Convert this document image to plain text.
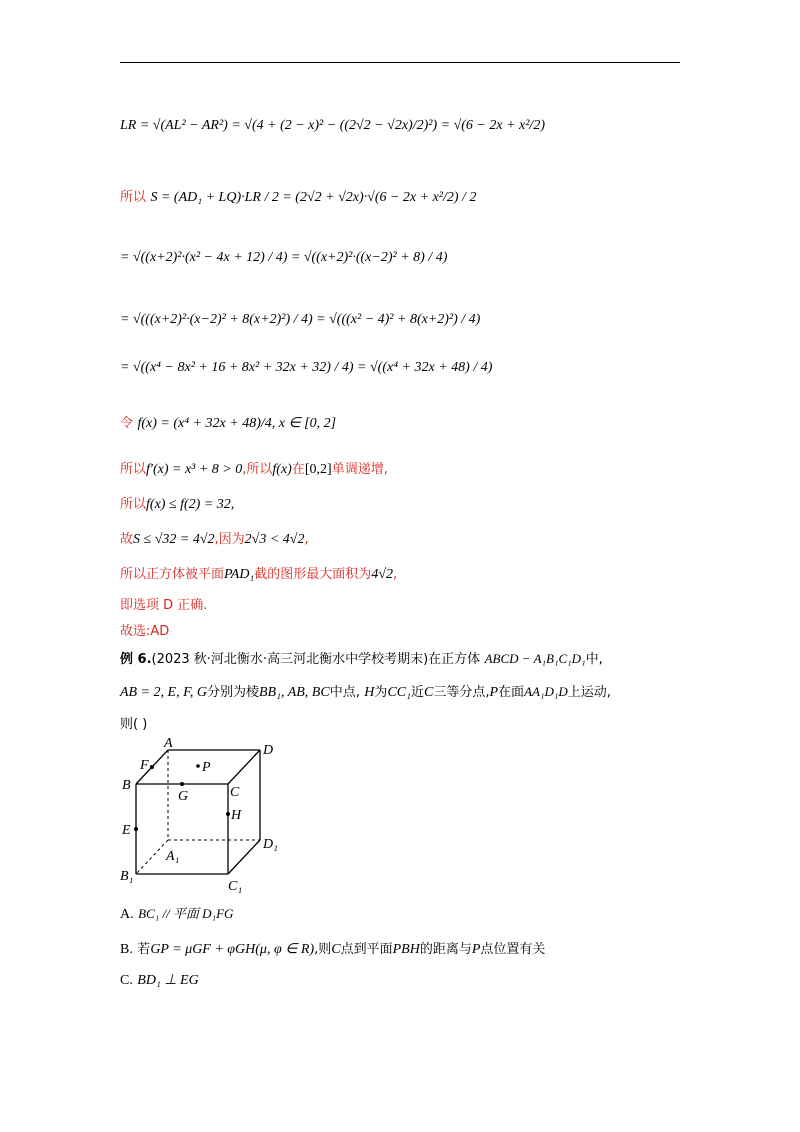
LR = √(AL² − AR²) = √(4 + (2 − x)² − ((2√2 − √2x)/2)²) = √(6 − 2x + x²/2)
所以 S = (AD₁ + LQ)·LR / 2 = (2√2 + √2x)·√(6 − 2x + x²/2) / 2
= √((x+2)²·(x² − 4x + 12) / 4) = √((x+2)²·((x−2)² + 8) / 4)
= √(((x+2)²·(x−2)² + 8(x+2)²) / 4) = √(((x² − 4)² + 8(x+2)²) / 4)
= √((x⁴ − 8x² + 16 + 8x² + 32x + 32) / 4) = √((x⁴ + 32x + 48) / 4)
令 f(x) = (x⁴ + 32x + 48)/4, x ∈ [0, 2]
所以f′(x) = x³ + 8 > 0,所以f(x)在[0,2]单调递增,
所以f(x) ≤ f(2) = 32,
故S ≤ √32 = 4√2,因为2√3 < 4√2,
所以正方体被平面PAD₁截的图形最大面积为4√2,
即选项 D 正确.
故选:AD
例 6.(2023 秋·河北衡水·高三河北衡水中学校考期末)在正方体 ABCD − A₁B₁C₁D₁中,
AB = 2, E, F, G分别为棱BB₁, AB, BC中点, H为CC₁近C三等分点,P在面AA₁D₁D上运动,
则( )
A	D
F	P
B
G	C
E
H
D₁
A₁
B₁
C₁
A. BC₁ // 平面 D₁FG
B. 若GP = μGF + φGH(μ, φ ∈ R),则C点到平面PBH的距离与P点位置有关
C. BD₁ ⊥ EG
